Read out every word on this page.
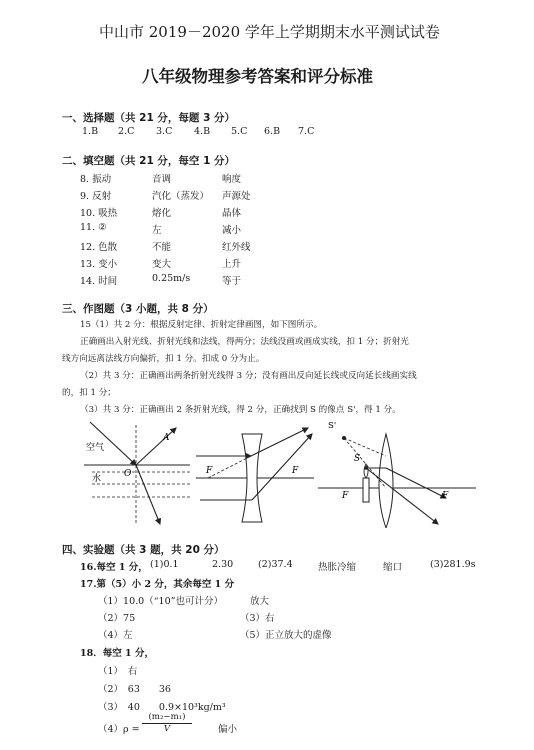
中山市 2019－2020 学年上学期期末水平测试试卷
八年级物理参考答案和评分标准
一、选择题（共 21 分，每题 3 分）
1.B 2.C 3.C 4.B 5.C 6.B 7.C
二、填空题（共 21 分，每空 1 分）
8. 振动	音调	响度
9. 反射	汽化（蒸发） 声源处
10. 吸热	熔化	晶体
11. ②	左	减小
12. 色散	不能	红外线
13. 变小	变大	上升
14. 时间	0.25m/s	等于
三、作图题（3 小题，共 8 分）
15（1）共 2 分：根据反射定律、折射定律画图，如下图所示。
正确画出入射光线、折射光线和法线，得两分；法线没画或画成实线，扣 1 分；折射光
线方向远离法线方向偏折，扣 1 分。扣成 0 分为止。
（2）共 3 分：正确画出两条折射光线得 3 分；没有画出反向延长线或反向延长线画实线
的，扣 1 分；
（3）共 3 分：正确画出 2 条折射光线，得 2 分，正确找到 S 的像点 S'，得 1 分。
空气
水
A
O	F	F
S'
S
F	F
四、实验题（共 3 题，共 20 分）
16.每空 1 分， (1)0.1	2.30	(2)37.4	热胀冷缩	缩口	(3)281.9s
17.第（5）小 2 分，其余每空 1 分
（1）10.0（“10”也可计分）	放大
（2）75	（3）右
（4）左	（5）正立放大的虚像
18．每空 1 分，
（1）　右
（2）　63　　36
（3）　40　　0.9×10³kg/m³
$(4)\rho = \frac{\text{(m₂−m₁)}}{V}$	偏小
